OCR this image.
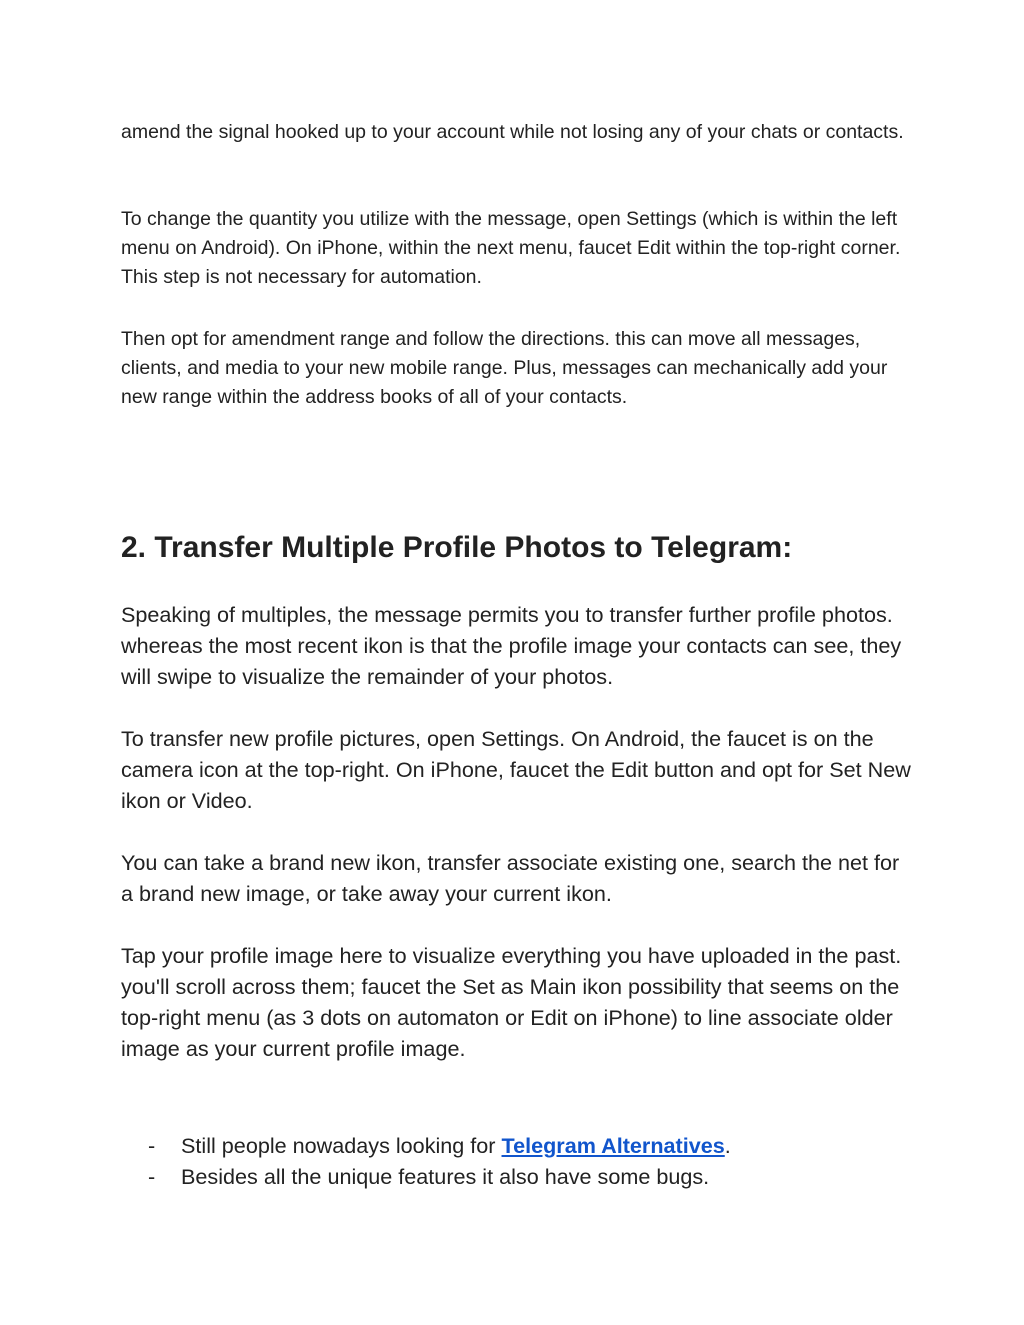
amend the signal hooked up to your account while not losing any of your chats or contacts.

To change the quantity you utilize with the message, open Settings (which is within the left menu on Android). On iPhone, within the next menu, faucet Edit within the top-right corner. This step is not necessary for automation.

Then opt for amendment range and follow the directions. this can move all messages, clients, and media to your new mobile range. Plus, messages can mechanically add your new range within the address books of all of your contacts.

2. Transfer Multiple Profile Photos to Telegram:

Speaking of multiples, the message permits you to transfer further profile photos. whereas the most recent ikon is that the profile image your contacts can see, they will swipe to visualize the remainder of your photos.

To transfer new profile pictures, open Settings. On Android, the faucet is on the camera icon at the top-right. On iPhone, faucet the Edit button and opt for Set New ikon or Video.

You can take a brand new ikon, transfer associate existing one, search the net for a brand new image, or take away your current ikon.

Tap your profile image here to visualize everything you have uploaded in the past. you'll scroll across them; faucet the Set as Main ikon possibility that seems on the top-right menu (as 3 dots on automaton or Edit on iPhone) to line associate older image as your current profile image.

- Still people nowadays looking for Telegram Alternatives.
- Besides all the unique features it also have some bugs.
